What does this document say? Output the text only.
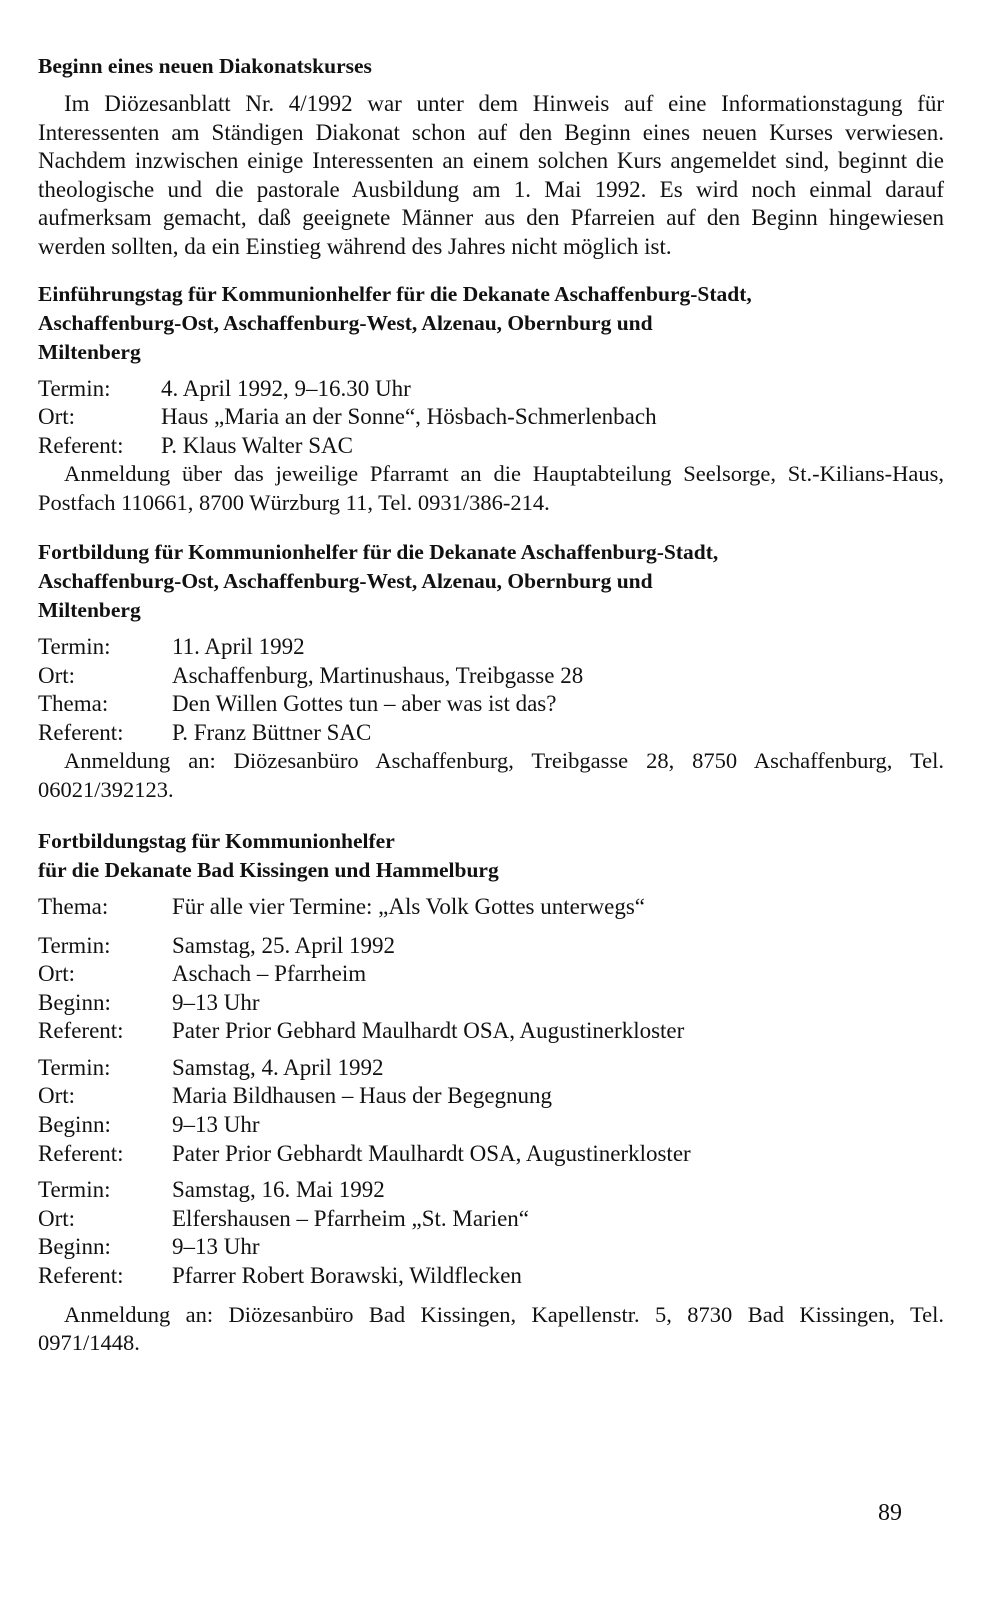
Beginn eines neuen Diakonatskurses

Im Diözesanblatt Nr. 4/1992 war unter dem Hinweis auf eine Informationstagung für Interessenten am Ständigen Diakonat schon auf den Beginn eines neuen Kurses verwiesen. Nachdem inzwischen einige Interessenten an einem solchen Kurs angemeldet sind, beginnt die theologische und die pastorale Ausbildung am 1. Mai 1992. Es wird noch einmal darauf aufmerksam gemacht, daß geeignete Männer aus den Pfarreien auf den Beginn hingewiesen werden sollten, da ein Einstieg während des Jahres nicht möglich ist.

Einführungstag für Kommunionhelfer für die Dekanate Aschaffenburg-Stadt,
Aschaffenburg-Ost, Aschaffenburg-West, Alzenau, Obernburg und
Miltenberg
Termin:	4. April 1992, 9–16.30 Uhr
Ort:	Haus „Maria an der Sonne“, Hösbach-Schmerlenbach
Referent:	P. Klaus Walter SAC

Anmeldung über das jeweilige Pfarramt an die Hauptabteilung Seelsorge, St.-Kilians-Haus, Postfach 110661, 8700 Würzburg 11, Tel. 0931/386-214.

Fortbildung für Kommunionhelfer für die Dekanate Aschaffenburg-Stadt,
Aschaffenburg-Ost, Aschaffenburg-West, Alzenau, Obernburg und
Miltenberg
Termin:	11. April 1992
Ort:	Aschaffenburg, Martinushaus, Treibgasse 28
Thema:	Den Willen Gottes tun – aber was ist das?
Referent:	P. Franz Büttner SAC

Anmeldung an: Diözesanbüro Aschaffenburg, Treibgasse 28, 8750 Aschaffenburg, Tel. 06021/392123.

Fortbildungstag für Kommunionhelfer
für die Dekanate Bad Kissingen und Hammelburg
Thema:	Für alle vier Termine: „Als Volk Gottes unterwegs“
Termin:	Samstag, 25. April 1992
Ort:	Aschach – Pfarrheim
Beginn:	9–13 Uhr
Referent:	Pater Prior Gebhard Maulhardt OSA, Augustinerkloster
Termin:	Samstag, 4. April 1992
Ort:	Maria Bildhausen – Haus der Begegnung
Beginn:	9–13 Uhr
Referent:	Pater Prior Gebhardt Maulhardt OSA, Augustinerkloster
Termin:	Samstag, 16. Mai 1992
Ort:	Elfershausen – Pfarrheim „St. Marien“
Beginn:	9–13 Uhr
Referent:	Pfarrer Robert Borawski, Wildflecken

Anmeldung an: Diözesanbüro Bad Kissingen, Kapellenstr. 5, 8730 Bad Kissingen, Tel. 0971/1448.

89
